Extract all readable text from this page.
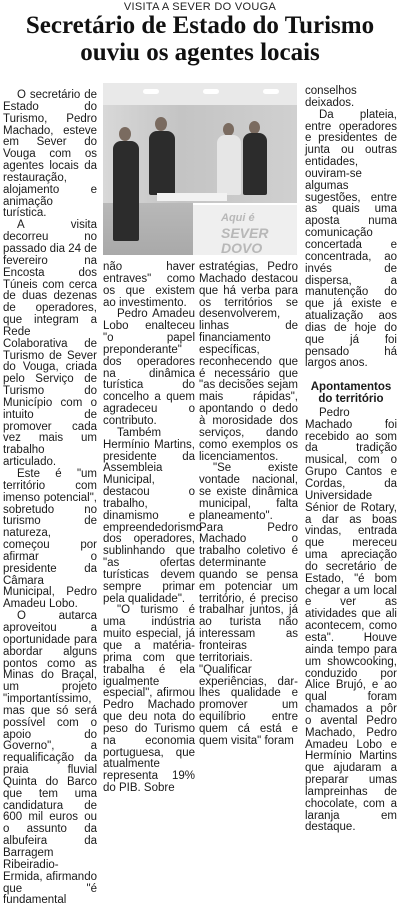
VISITA A SEVER DO VOUGA
Secretário de Estado do Turismo
ouviu os agentes locais
Aqui é
SEVER
DOVO

O secretário de Estado do Turismo, Pedro Machado, esteve em Sever do Vouga com os agentes locais da restauração, alojamento e animação turística.

A visita decorreu no passado dia 24 de fevereiro na Encosta dos Túneis com cerca de duas dezenas de operadores, que integram a Rede Colaborativa de Turismo de Sever do Vouga, criada pelo Serviço de Turismo do Município com o intuito de promover cada vez mais um trabalho articulado.

Este é "um território com imenso potencial", sobretudo no turismo de natureza, começou por afirmar o presidente da Câmara Municipal, Pedro Amadeu Lobo.

O autarca aproveitou a oportunidade para abordar alguns pontos como as Minas do Braçal, um projeto "importantíssimo, mas que só será possível com o apoio do Governo", a requalificação da praia fluvial Quinta do Barco que tem uma candidatura de 600 mil euros ou o assunto da albufeira da Barragem Ribeiradio-Ermida, afirmando que "é fundamental

não haver entraves" como os que existem ao investimento.

Pedro Amadeu Lobo enalteceu "o papel preponderante" dos operadores na dinâmica turística do concelho a quem agradeceu o contributo.

Também Hermínio Martins, presidente da Assembleia Municipal, destacou o trabalho, dinamismo e empreendedorismo dos operadores, sublinhando que "as ofertas turísticas devem sempre primar pela qualidade".

"O turismo é uma indústria muito especial, já que a matéria-prima com que trabalha é ela igualmente especial", afirmou Pedro Machado que deu nota do peso do Turismo na economia portuguesa, que atualmente representa 19% do PIB. Sobre

estratégias, Pedro Machado destacou que há verba para os territórios se desenvolverem, linhas de financiamento específicas, reconhecendo que é necessário que "as decisões sejam mais rápidas", apontando o dedo à morosidade dos serviços, dando como exemplos os licenciamentos.

"Se existe vontade nacional, se existe dinâmica municipal, falta planeamento". Para Pedro Machado o trabalho coletivo é determinante quando se pensa em potenciar um território, é preciso trabalhar juntos, já ao turista não interessam as fronteiras territoriais. "Qualificar experiências, dar-lhes qualidade e promover um equilíbrio entre quem cá está e quem visita" foram

conselhos deixados.

Da plateia, entre operadores e presidentes de junta ou outras entidades, ouviram-se algumas sugestões, entre as quais uma aposta numa comunicação concertada e concentrada, ao invés de dispersa, a manutenção do que já existe e atualização aos dias de hoje do que já foi pensado há largos anos.

Apontamentos do território

Pedro Machado foi recebido ao som da tradição musical, com o Grupo Cantos e Cordas, da Universidade Sénior de Rotary, a dar as boas vindas, entrada que mereceu uma apreciação do secretário de Estado, "é bom chegar a um local e ver as atividades que ali acontecem, como esta". Houve ainda tempo para um showcooking, conduzido por Alice Brujó, e ao qual foram chamados a pôr o avental Pedro Machado, Pedro Amadeu Lobo e Hermínio Martins que ajudaram a preparar umas lampreinhas de chocolate, com a laranja em destaque.
